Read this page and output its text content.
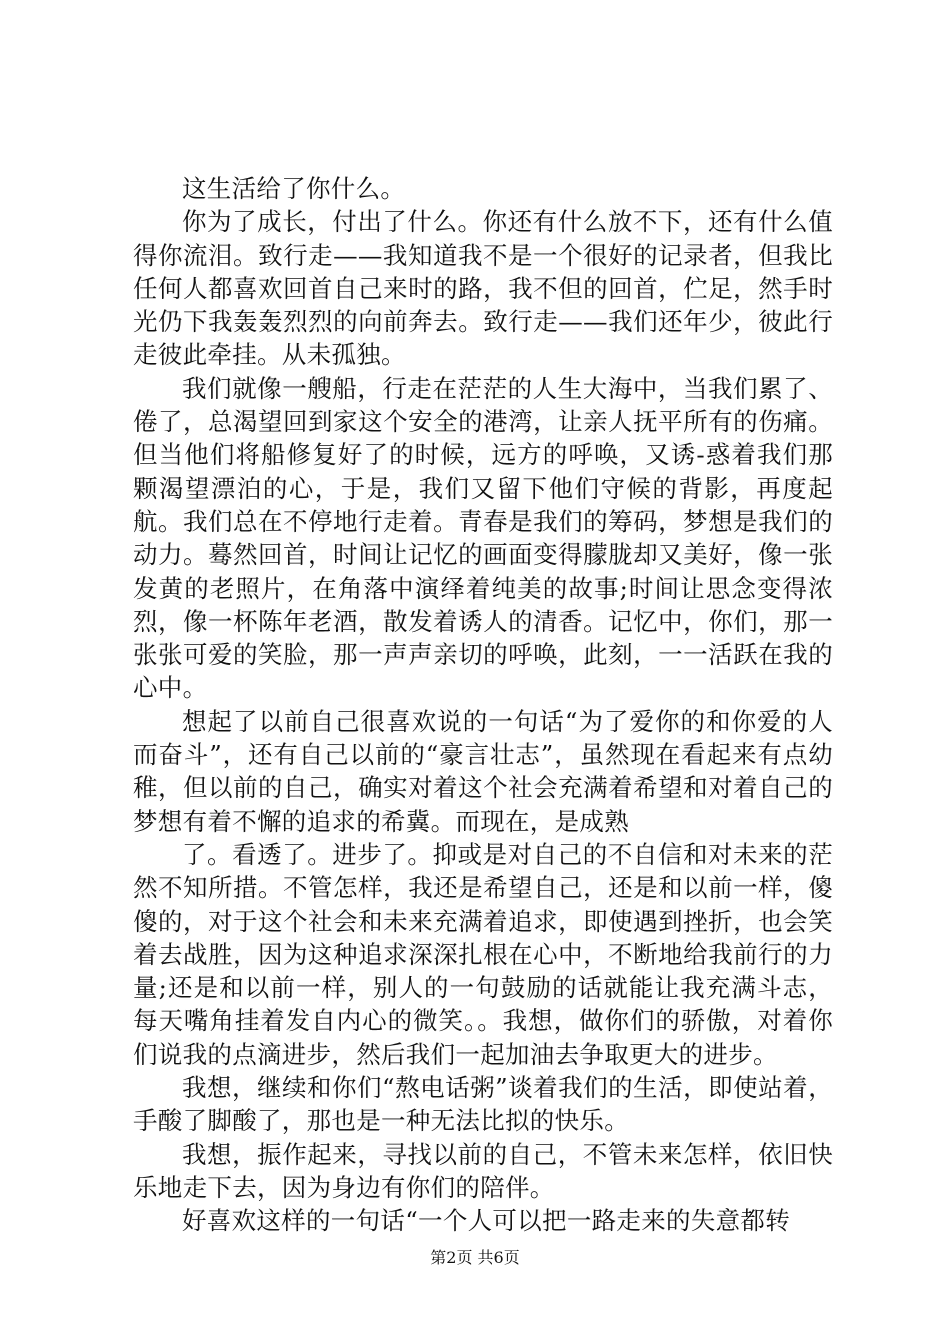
这生活给了你什么。

你为了成长，付出了什么。你还有什么放不下，还有什么值得你流泪。致行走——我知道我不是一个很好的记录者，但我比任何人都喜欢回首自己来时的路，我不但的回首，伫足，然手时光仍下我轰轰烈烈的向前奔去。致行走——我们还年少，彼此行走彼此牵挂。从未孤独。

我们就像一艘船，行走在茫茫的人生大海中，当我们累了、倦了，总渴望回到家这个安全的港湾，让亲人抚平所有的伤痛。但当他们将船修复好了的时候，远方的呼唤，又诱-惑着我们那颗渴望漂泊的心，于是，我们又留下他们守候的背影，再度起航。我们总在不停地行走着。青春是我们的筹码，梦想是我们的动力。蓦然回首，时间让记忆的画面变得朦胧却又美好，像一张发黄的老照片，在角落中演绎着纯美的故事;时间让思念变得浓烈，像一杯陈年老酒，散发着诱人的清香。记忆中，你们，那一张张可爱的笑脸，那一声声亲切的呼唤，此刻，一一活跃在我的心中。

想起了以前自己很喜欢说的一句话“为了爱你的和你爱的人而奋斗”，还有自己以前的“豪言壮志”，虽然现在看起来有点幼稚，但以前的自己，确实对着这个社会充满着希望和对着自己的梦想有着不懈的追求的希冀。而现在，是成熟

了。看透了。进步了。抑或是对自己的不自信和对未来的茫然不知所措。不管怎样，我还是希望自己，还是和以前一样，傻傻的，对于这个社会和未来充满着追求，即使遇到挫折，也会笑着去战胜，因为这种追求深深扎根在心中，不断地给我前行的力量;还是和以前一样，别人的一句鼓励的话就能让我充满斗志，每天嘴角挂着发自内心的微笑。。我想，做你们的骄傲，对着你们说我的点滴进步，然后我们一起加油去争取更大的进步。

我想，继续和你们“熬电话粥”谈着我们的生活，即使站着，手酸了脚酸了，那也是一种无法比拟的快乐。

我想，振作起来，寻找以前的自己，不管未来怎样，依旧快乐地走下去，因为身边有你们的陪伴。

好喜欢这样的一句话“一个人可以把一路走来的失意都转

第2页 共6页
